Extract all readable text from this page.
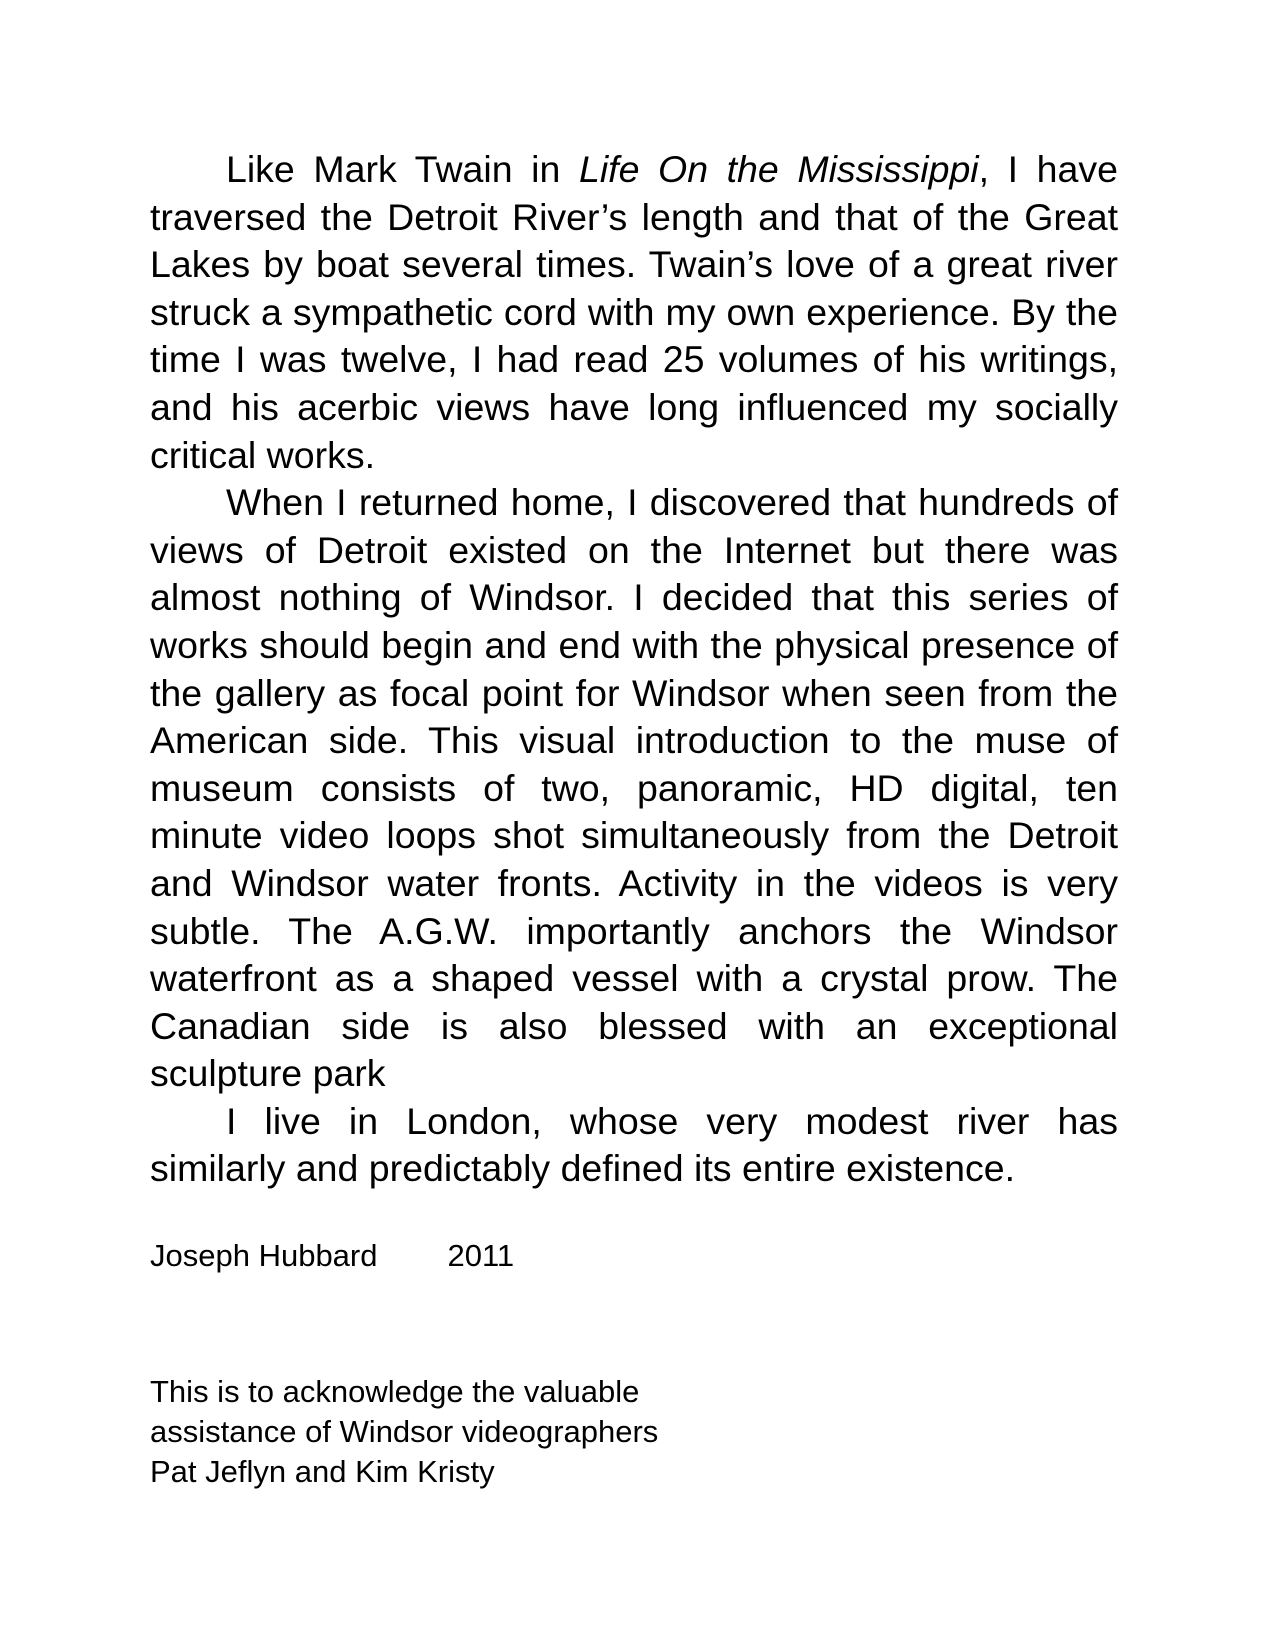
Like Mark Twain in Life On the Mississippi, I have traversed the Detroit River’s length and that of the Great Lakes by boat several times. Twain’s love of a great river struck a sympathetic cord with my own experience. By the time I was twelve, I had read 25 volumes of his writings, and his acerbic views have long influenced my socially critical works.

When I returned home, I discovered that hundreds of views of Detroit existed on the Internet but there was almost nothing of Windsor. I decided that this series of works should begin and end with the physical presence of the gallery as focal point for Windsor when seen from the American side. This visual introduction to the muse of museum consists of two, panoramic, HD digital, ten minute video loops shot simultaneously from the Detroit and Windsor water fronts. Activity in the videos is very subtle. The A.G.W. importantly anchors the Windsor waterfront as a shaped vessel with a crystal prow. The Canadian side is also blessed with an exceptional sculpture park

I live in London, whose very modest river has similarly and predictably defined its entire existence.

Joseph Hubbard 2011
This is to acknowledge the valuable
assistance of Windsor videographers
Pat Jeflyn and Kim Kristy
